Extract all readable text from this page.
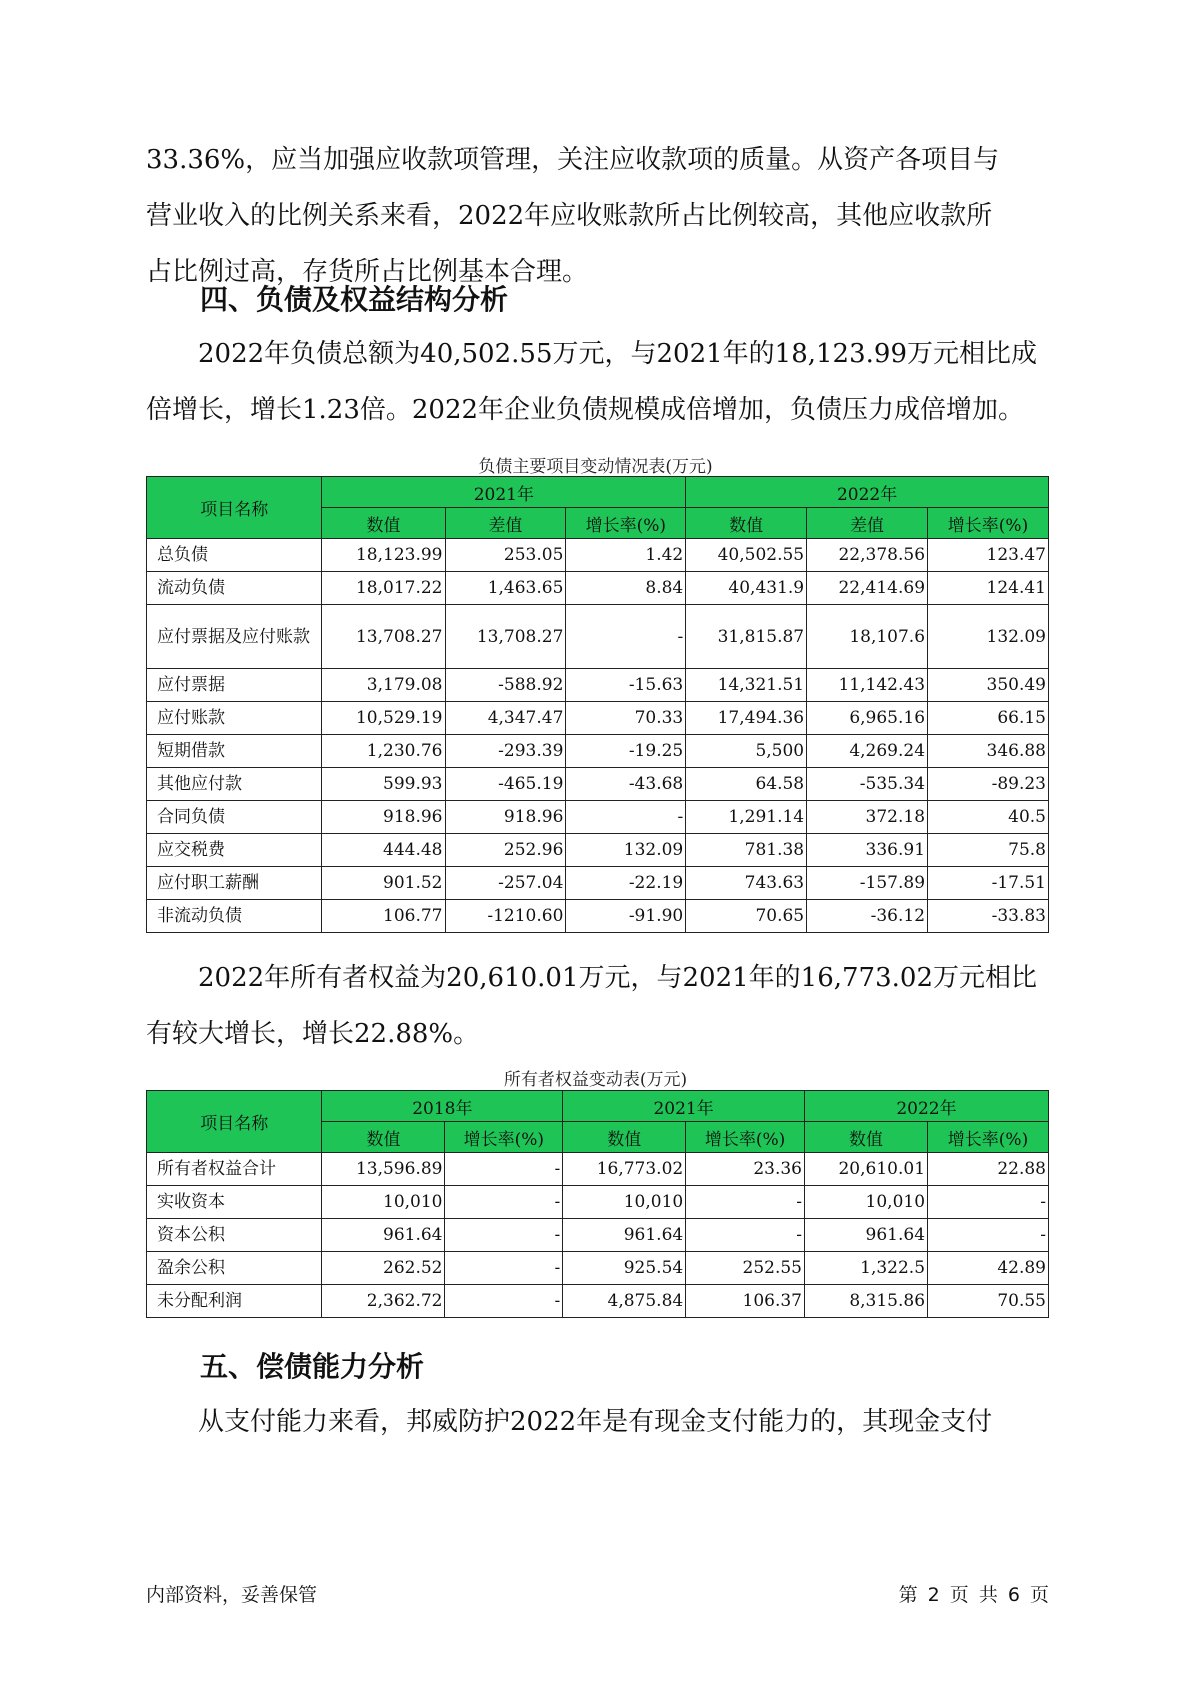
33.36%，应当加强应收款项管理，关注应收款项的质量。从资产各项目与
营业收入的比例关系来看，2022年应收账款所占比例较高，其他应收款所
占比例过高，存货所占比例基本合理。
四、负债及权益结构分析
2022年负债总额为40,502.55万元，与2021年的18,123.99万元相比成
倍增长，增长1.23倍。2022年企业负债规模成倍增加，负债压力成倍增加。
负债主要项目变动情况表(万元)
项目名称	2021年			2022年		
	数值	差值	增长率(%)	数值	差值	增长率(%)
总负债	18,123.99	253.05	1.42	40,502.55	22,378.56	123.47
流动负债	18,017.22	1,463.65	8.84	40,431.9	22,414.69	124.41
应付票据及应付账款	13,708.27	13,708.27	-	31,815.87	18,107.6	132.09
应付票据	3,179.08	-588.92	-15.63	14,321.51	11,142.43	350.49
应付账款	10,529.19	4,347.47	70.33	17,494.36	6,965.16	66.15
短期借款	1,230.76	-293.39	-19.25	5,500	4,269.24	346.88
其他应付款	599.93	-465.19	-43.68	64.58	-535.34	-89.23
合同负债	918.96	918.96	-	1,291.14	372.18	40.5
应交税费	444.48	252.96	132.09	781.38	336.91	75.8
应付职工薪酬	901.52	-257.04	-22.19	743.63	-157.89	-17.51
非流动负债	106.77	-1210.60	-91.90	70.65	-36.12	-33.83
2022年所有者权益为20,610.01万元，与2021年的16,773.02万元相比
有较大增长，增长22.88%。
所有者权益变动表(万元)
项目名称	2018年		2021年		2022年	
	数值	增长率(%)	数值	增长率(%)	数值	增长率(%)
所有者权益合计	13,596.89	-	16,773.02	23.36	20,610.01	22.88
实收资本	10,010	-	10,010	-	10,010	-
资本公积	961.64	-	961.64	-	961.64	-
盈余公积	262.52	-	925.54	252.55	1,322.5	42.89
未分配利润	2,362.72	-	4,875.84	106.37	8,315.86	70.55
五、偿债能力分析
从支付能力来看，邦威防护2022年是有现金支付能力的，其现金支付
内部资料，妥善保管	第 2 页 共 6 页
